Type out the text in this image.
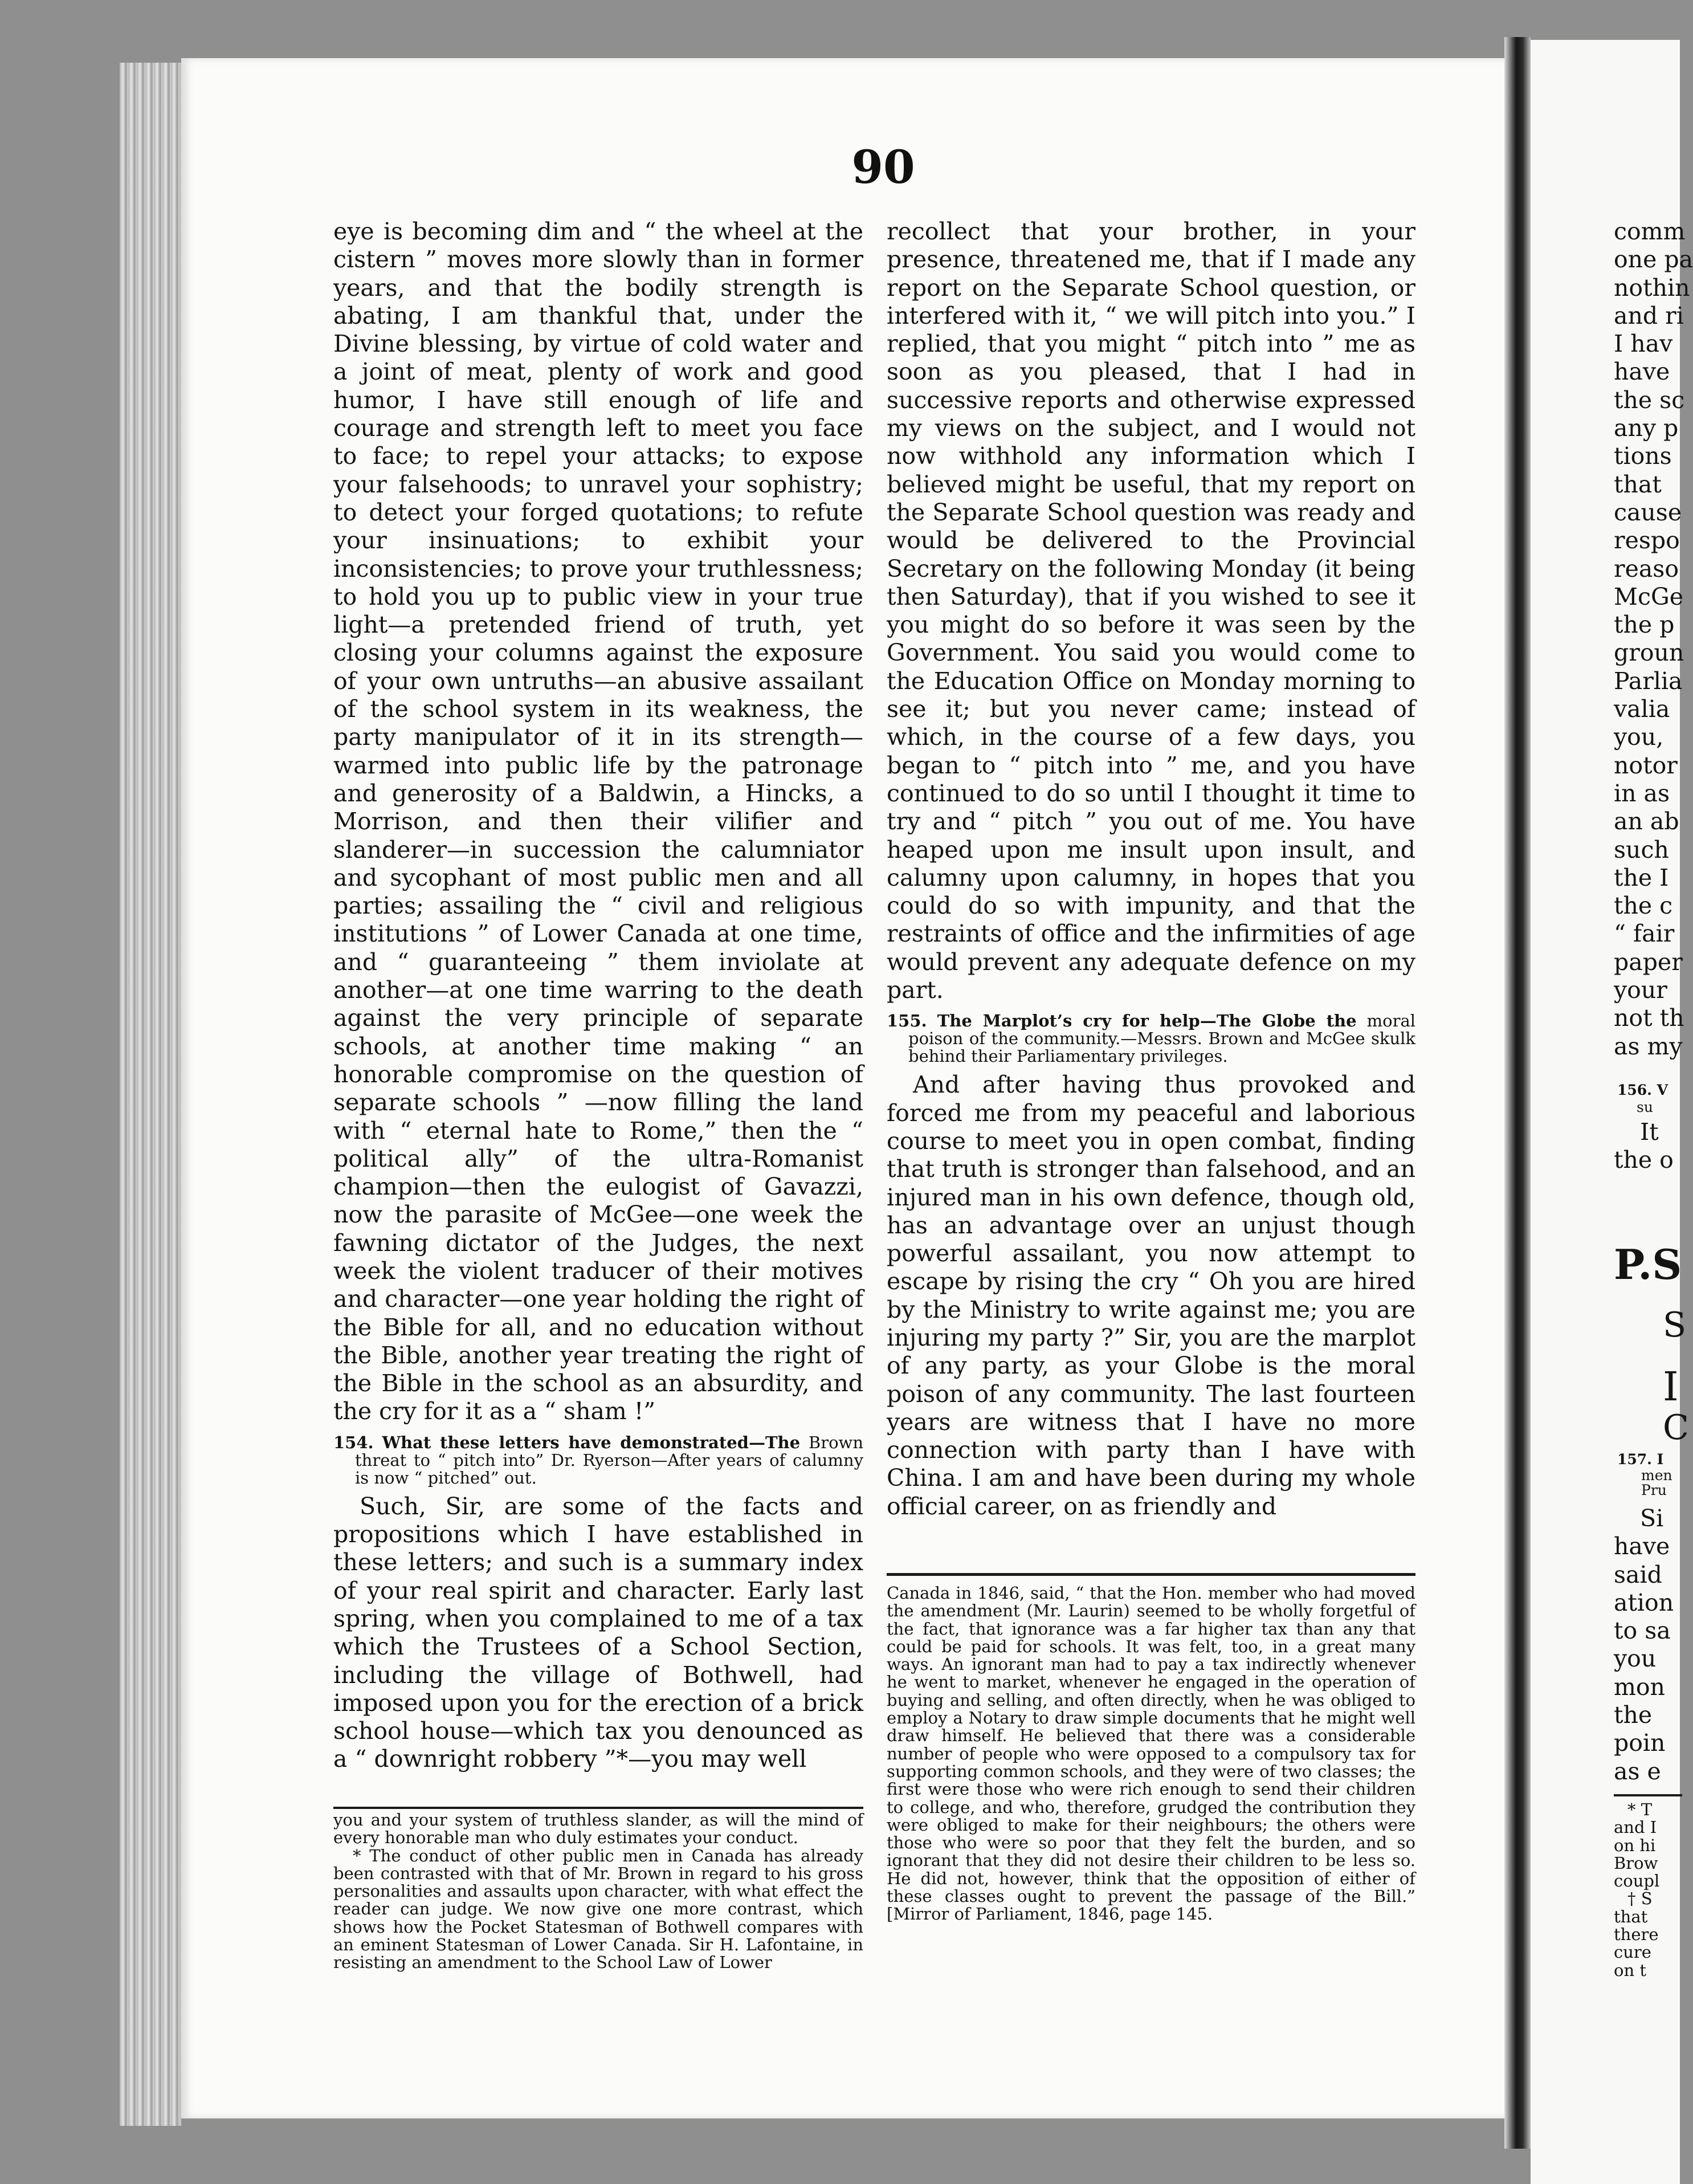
90

eye is becoming dim and “ the wheel at the cistern ” moves more slowly than in former years, and that the bodily strength is abating, I am thankful that, under the Divine blessing, by virtue of cold water and a joint of meat, plenty of work and good humor, I have still enough of life and courage and strength left to meet you face to face; to repel your attacks; to expose your falsehoods; to unravel your sophistry; to detect your forged quotations; to refute your insinuations; to exhibit your inconsistencies; to prove your truthlessness; to hold you up to public view in your true light—a pretended friend of truth, yet closing your columns against the exposure of your own untruths—an abusive assailant of the school system in its weakness, the party manipulator of it in its strength—warmed into public life by the patronage and generosity of a Baldwin, a Hincks, a Morrison, and then their vilifier and slanderer—in succession the calumniator and sycophant of most public men and all parties; assailing the “ civil and religious institutions ” of Lower Canada at one time, and “ guaranteeing ” them inviolate at another—at one time warring to the death against the very principle of separate schools, at another time making “ an honorable compromise on the question of separate schools ” —now filling the land with “ eternal hate to Rome,” then the “ political ally” of the ultra-Romanist champion—then the eulogist of Gavazzi, now the parasite of McGee—one week the fawning dictator of the Judges, the next week the violent traducer of their motives and character—one year holding the right of the Bible for all, and no education without the Bible, another year treating the right of the Bible in the school as an absurdity, and the cry for it as a “ sham !”

154. What these letters have demonstrated—The Brown threat to “ pitch into” Dr. Ryerson—After years of calumny is now “ pitched” out.

Such, Sir, are some of the facts and propositions which I have established in these letters; and such is a summary index of your real spirit and character. Early last spring, when you complained to me of a tax which the Trustees of a School Section, including the village of Bothwell, had imposed upon you for the erection of a brick school house—which tax you denounced as a “ downright robbery ”*—you may well

you and your system of truthless slander, as will the mind of every honorable man who duly estimates your conduct.

* The conduct of other public men in Canada has already been contrasted with that of Mr. Brown in regard to his gross personalities and assaults upon character, with what effect the reader can judge. We now give one more contrast, which shows how the Pocket Statesman of Bothwell compares with an eminent Statesman of Lower Canada. Sir H. Lafontaine, in resisting an amendment to the School Law of Lower

recollect that your brother, in your presence, threatened me, that if I made any report on the Separate School question, or interfered with it, “ we will pitch into you.” I replied, that you might “ pitch into ” me as soon as you pleased, that I had in successive reports and otherwise expressed my views on the subject, and I would not now withhold any information which I believed might be useful, that my report on the Separate School question was ready and would be delivered to the Provincial Secretary on the following Monday (it being then Saturday), that if you wished to see it you might do so before it was seen by the Government. You said you would come to the Education Office on Monday morning to see it; but you never came; instead of which, in the course of a few days, you began to “ pitch into ” me, and you have continued to do so until I thought it time to try and “ pitch ” you out of me. You have heaped upon me insult upon insult, and calumny upon calumny, in hopes that you could do so with impunity, and that the restraints of office and the infirmities of age would prevent any adequate defence on my part.

155. The Marplot’s cry for help—The Globe the moral poison of the community.—Messrs. Brown and McGee skulk behind their Parliamentary privileges.

And after having thus provoked and forced me from my peaceful and laborious course to meet you in open combat, finding that truth is stronger than falsehood, and an injured man in his own defence, though old, has an advantage over an unjust though powerful assailant, you now attempt to escape by rising the cry “ Oh you are hired by the Ministry to write against me; you are injuring my party ?” Sir, you are the marplot of any party, as your Globe is the moral poison of any community. The last fourteen years are witness that I have no more connection with party than I have with China. I am and have been during my whole official career, on as friendly and

Canada in 1846, said, “ that the Hon. member who had moved the amendment (Mr. Laurin) seemed to be wholly forgetful of the fact, that ignorance was a far higher tax than any that could be paid for schools. It was felt, too, in a great many ways. An ignorant man had to pay a tax indirectly whenever he went to market, whenever he engaged in the operation of buying and selling, and often directly, when he was obliged to employ a Notary to draw simple documents that he might well draw himself. He believed that there was a considerable number of people who were opposed to a compulsory tax for supporting common schools, and they were of two classes; the first were those who were rich enough to send their children to college, and who, therefore, grudged the contribution they were obliged to make for their neighbours; the others were those who were so poor that they felt the burden, and so ignorant that they did not desire their children to be less so. He did not, however, think that the opposition of either of these classes ought to prevent the passage of the Bill.” [Mirror of Parliament, 1846, page 145.

comm
one pa
nothin
and ri
I hav
have
the sc
any p
tions
that
cause
respo
reaso
McGe
the p
groun
Parlia
valia
you,
notor
in as
an ab
such
the I
the c
“ fair
paper
your
not th
as my
156. V
su
It
the o
P.S
S
I
C
157. I
men
Pru
Si
have
said
ation
to sa
you
mon
the
poin
as e
* T
and I
on hi
Brow
coupl
† S
that
there
cure
on t
